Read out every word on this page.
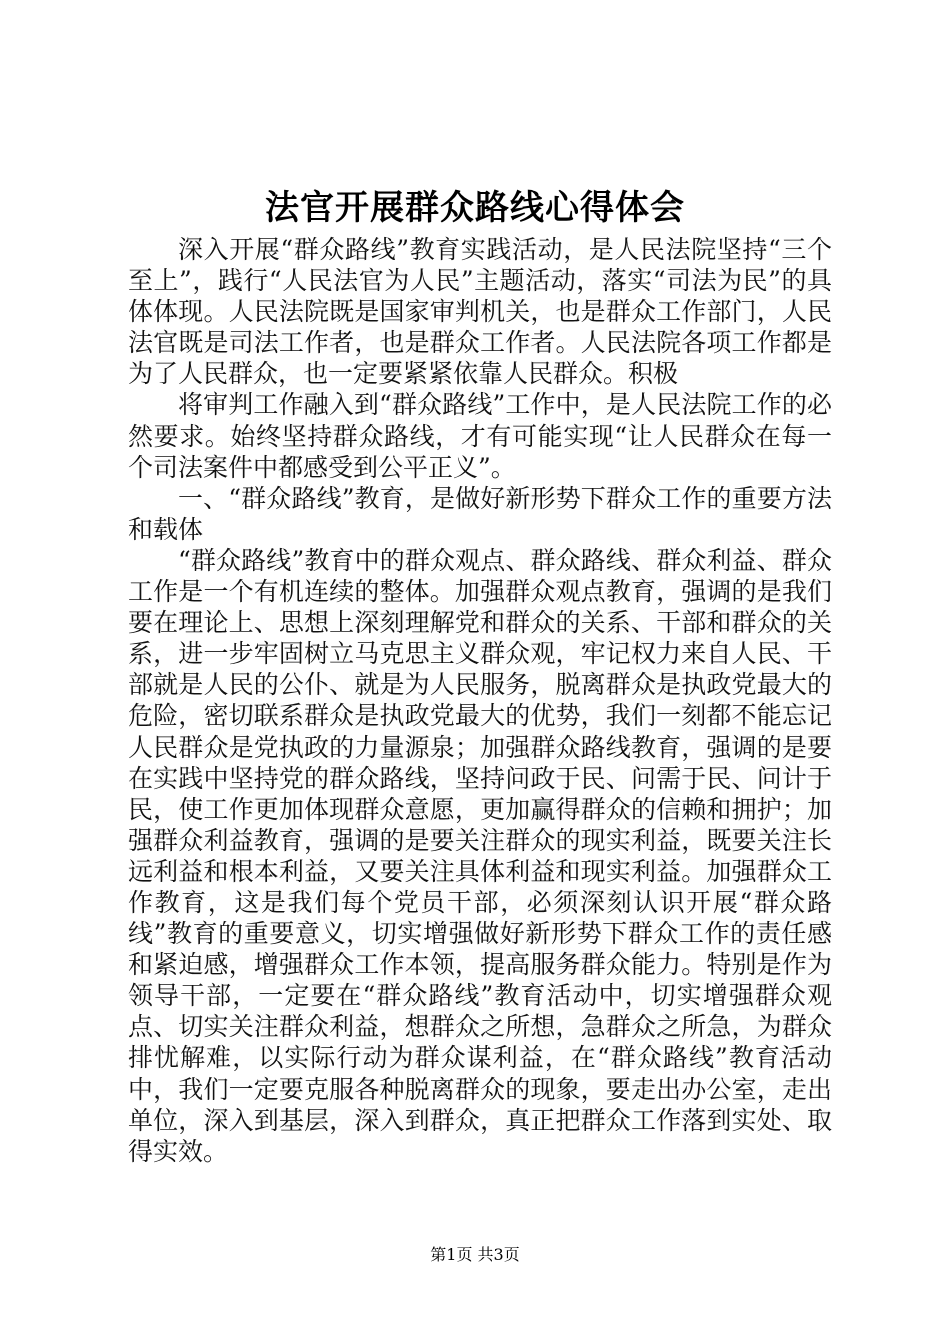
法官开展群众路线心得体会

深入开展“群众路线”教育实践活动，是人民法院坚持“三个至上”，践行“人民法官为人民”主题活动，落实“司法为民”的具体体现。人民法院既是国家审判机关，也是群众工作部门，人民法官既是司法工作者，也是群众工作者。人民法院各项工作都是为了人民群众，也一定要紧紧依靠人民群众。积极

将审判工作融入到“群众路线”工作中，是人民法院工作的必然要求。始终坚持群众路线，才有可能实现“让人民群众在每一个司法案件中都感受到公平正义”。

一、“群众路线”教育，是做好新形势下群众工作的重要方法和载体

“群众路线”教育中的群众观点、群众路线、群众利益、群众工作是一个有机连续的整体。加强群众观点教育，强调的是我们要在理论上、思想上深刻理解党和群众的关系、干部和群众的关系，进一步牢固树立马克思主义群众观，牢记权力来自人民、干部就是人民的公仆、就是为人民服务，脱离群众是执政党最大的危险，密切联系群众是执政党最大的优势，我们一刻都不能忘记人民群众是党执政的力量源泉；加强群众路线教育，强调的是要在实践中坚持党的群众路线，坚持问政于民、问需于民、问计于民，使工作更加体现群众意愿，更加赢得群众的信赖和拥护；加强群众利益教育，强调的是要关注群众的现实利益，既要关注长远利益和根本利益，又要关注具体利益和现实利益。加强群众工作教育，这是我们每个党员干部，必须深刻认识开展“群众路线”教育的重要意义，切实增强做好新形势下群众工作的责任感和紧迫感，增强群众工作本领，提高服务群众能力。特别是作为领导干部，一定要在“群众路线”教育活动中，切实增强群众观点、切实关注群众利益，想群众之所想，急群众之所急，为群众排忧解难，以实际行动为群众谋利益，在“群众路线”教育活动中，我们一定要克服各种脱离群众的现象，要走出办公室，走出单位，深入到基层，深入到群众，真正把群众工作落到实处、取得实效。

第1页 共3页
